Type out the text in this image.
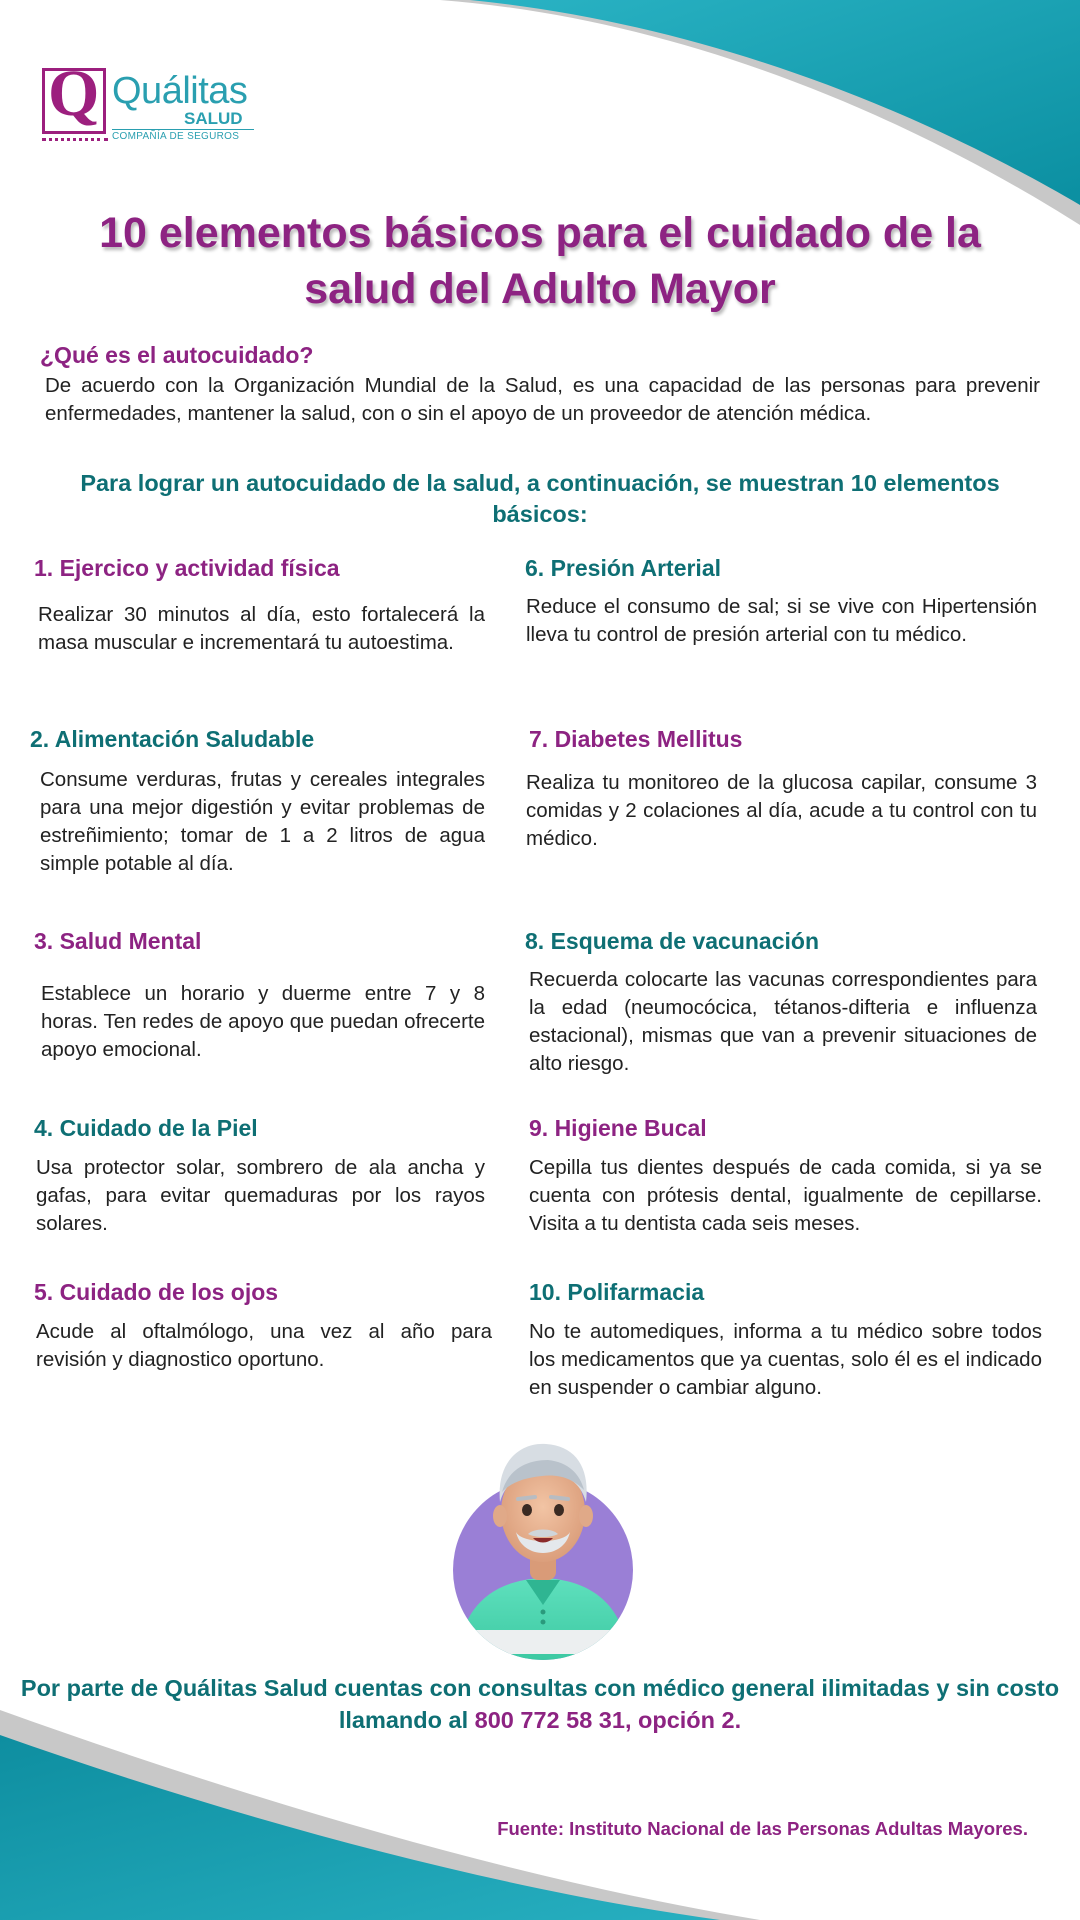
Q Quálitas
SALUD
COMPAÑÍA DE SEGUROS
10 elementos básicos para el cuidado de la salud del Adulto Mayor
¿Qué es el autocuidado?

De acuerdo con la Organización Mundial de la Salud, es una capacidad de las personas para prevenir enfermedades, mantener la salud, con o sin el apoyo de un proveedor de atención médica.

Para lograr un autocuidado de la salud, a continuación, se muestran 10 elementos básicos:

1. Ejercico y actividad física

Realizar 30 minutos al día, esto fortalecerá la masa muscular e incrementará tu autoestima.

2. Alimentación Saludable

Consume verduras, frutas y cereales integrales para una mejor digestión y evitar problemas de estreñimiento; tomar de 1 a 2 litros de agua simple potable al día.

3. Salud Mental

Establece un horario y duerme entre 7 y 8 horas. Ten redes de apoyo que puedan ofrecerte apoyo emocional.

4. Cuidado de la Piel

Usa protector solar, sombrero de ala ancha y gafas, para evitar quemaduras por los rayos solares.

5. Cuidado de los ojos

Acude al oftalmólogo, una vez al año para revisión y diagnostico oportuno.

6. Presión Arterial

Reduce el consumo de sal; si se vive con Hipertensión lleva tu control de presión arterial con tu médico.

7. Diabetes Mellitus

Realiza tu monitoreo de la glucosa capilar, consume 3 comidas y 2 colaciones al día, acude a tu control con tu médico.

8. Esquema de vacunación

Recuerda colocarte las vacunas correspondientes para la edad (neumocócica, tétanos-difteria e influenza estacional), mismas que van a prevenir situaciones de alto riesgo.

9. Higiene Bucal

Cepilla tus dientes después de cada comida, si ya se cuenta con prótesis dental, igualmente de cepillarse. Visita a tu dentista cada seis meses.

10. Polifarmacia

No te automediques, informa a tu médico sobre todos los medicamentos que ya cuentas, solo él es el indicado en suspender o cambiar alguno.

Por parte de Quálitas Salud cuentas con consultas con médico general ilimitadas y sin costo llamando al 800 772 58 31, opción 2.

Fuente: Instituto Nacional de las Personas Adultas Mayores.
